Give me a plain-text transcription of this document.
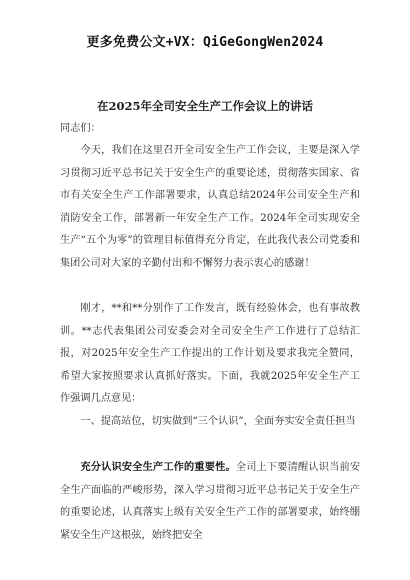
更多免费公文+VX：QiGeGongWen2024
在2025年全司安全生产工作会议上的讲话
同志们：
今天，我们在这里召开全司安全生产工作会议，主要是深入学习贯彻习近平总书记关于安全生产的重要论述，贯彻落实国家、省市有关安全生产工作部署要求，认真总结2024年公司安全生产和消防安全工作，部署新一年安全生产工作。2024年全司实现安全生产“五个为零”的管理目标值得充分肯定，在此我代表公司党委和集团公司对大家的辛勤付出和不懈努力表示衷心的感谢！
刚才，**和**分别作了工作发言，既有经验体会，也有事故教训。**志代表集团公司安委会对全司安全生产工作进行了总结汇报，对2025年安全生产工作提出的工作计划及要求我完全赞同，希望大家按照要求认真抓好落实。下面，我就2025年安全生产工作强调几点意见：
一、提高站位，切实做到“三个认识”，全面夯实安全责任担当
充分认识安全生产工作的重要性。全司上下要清醒认识当前安全生产面临的严峻形势，深入学习贯彻习近平总书记关于安全生产的重要论述，认真落实上级有关安全生产工作的部署要求，始终绷紧安全生产这根弦，始终把安全
